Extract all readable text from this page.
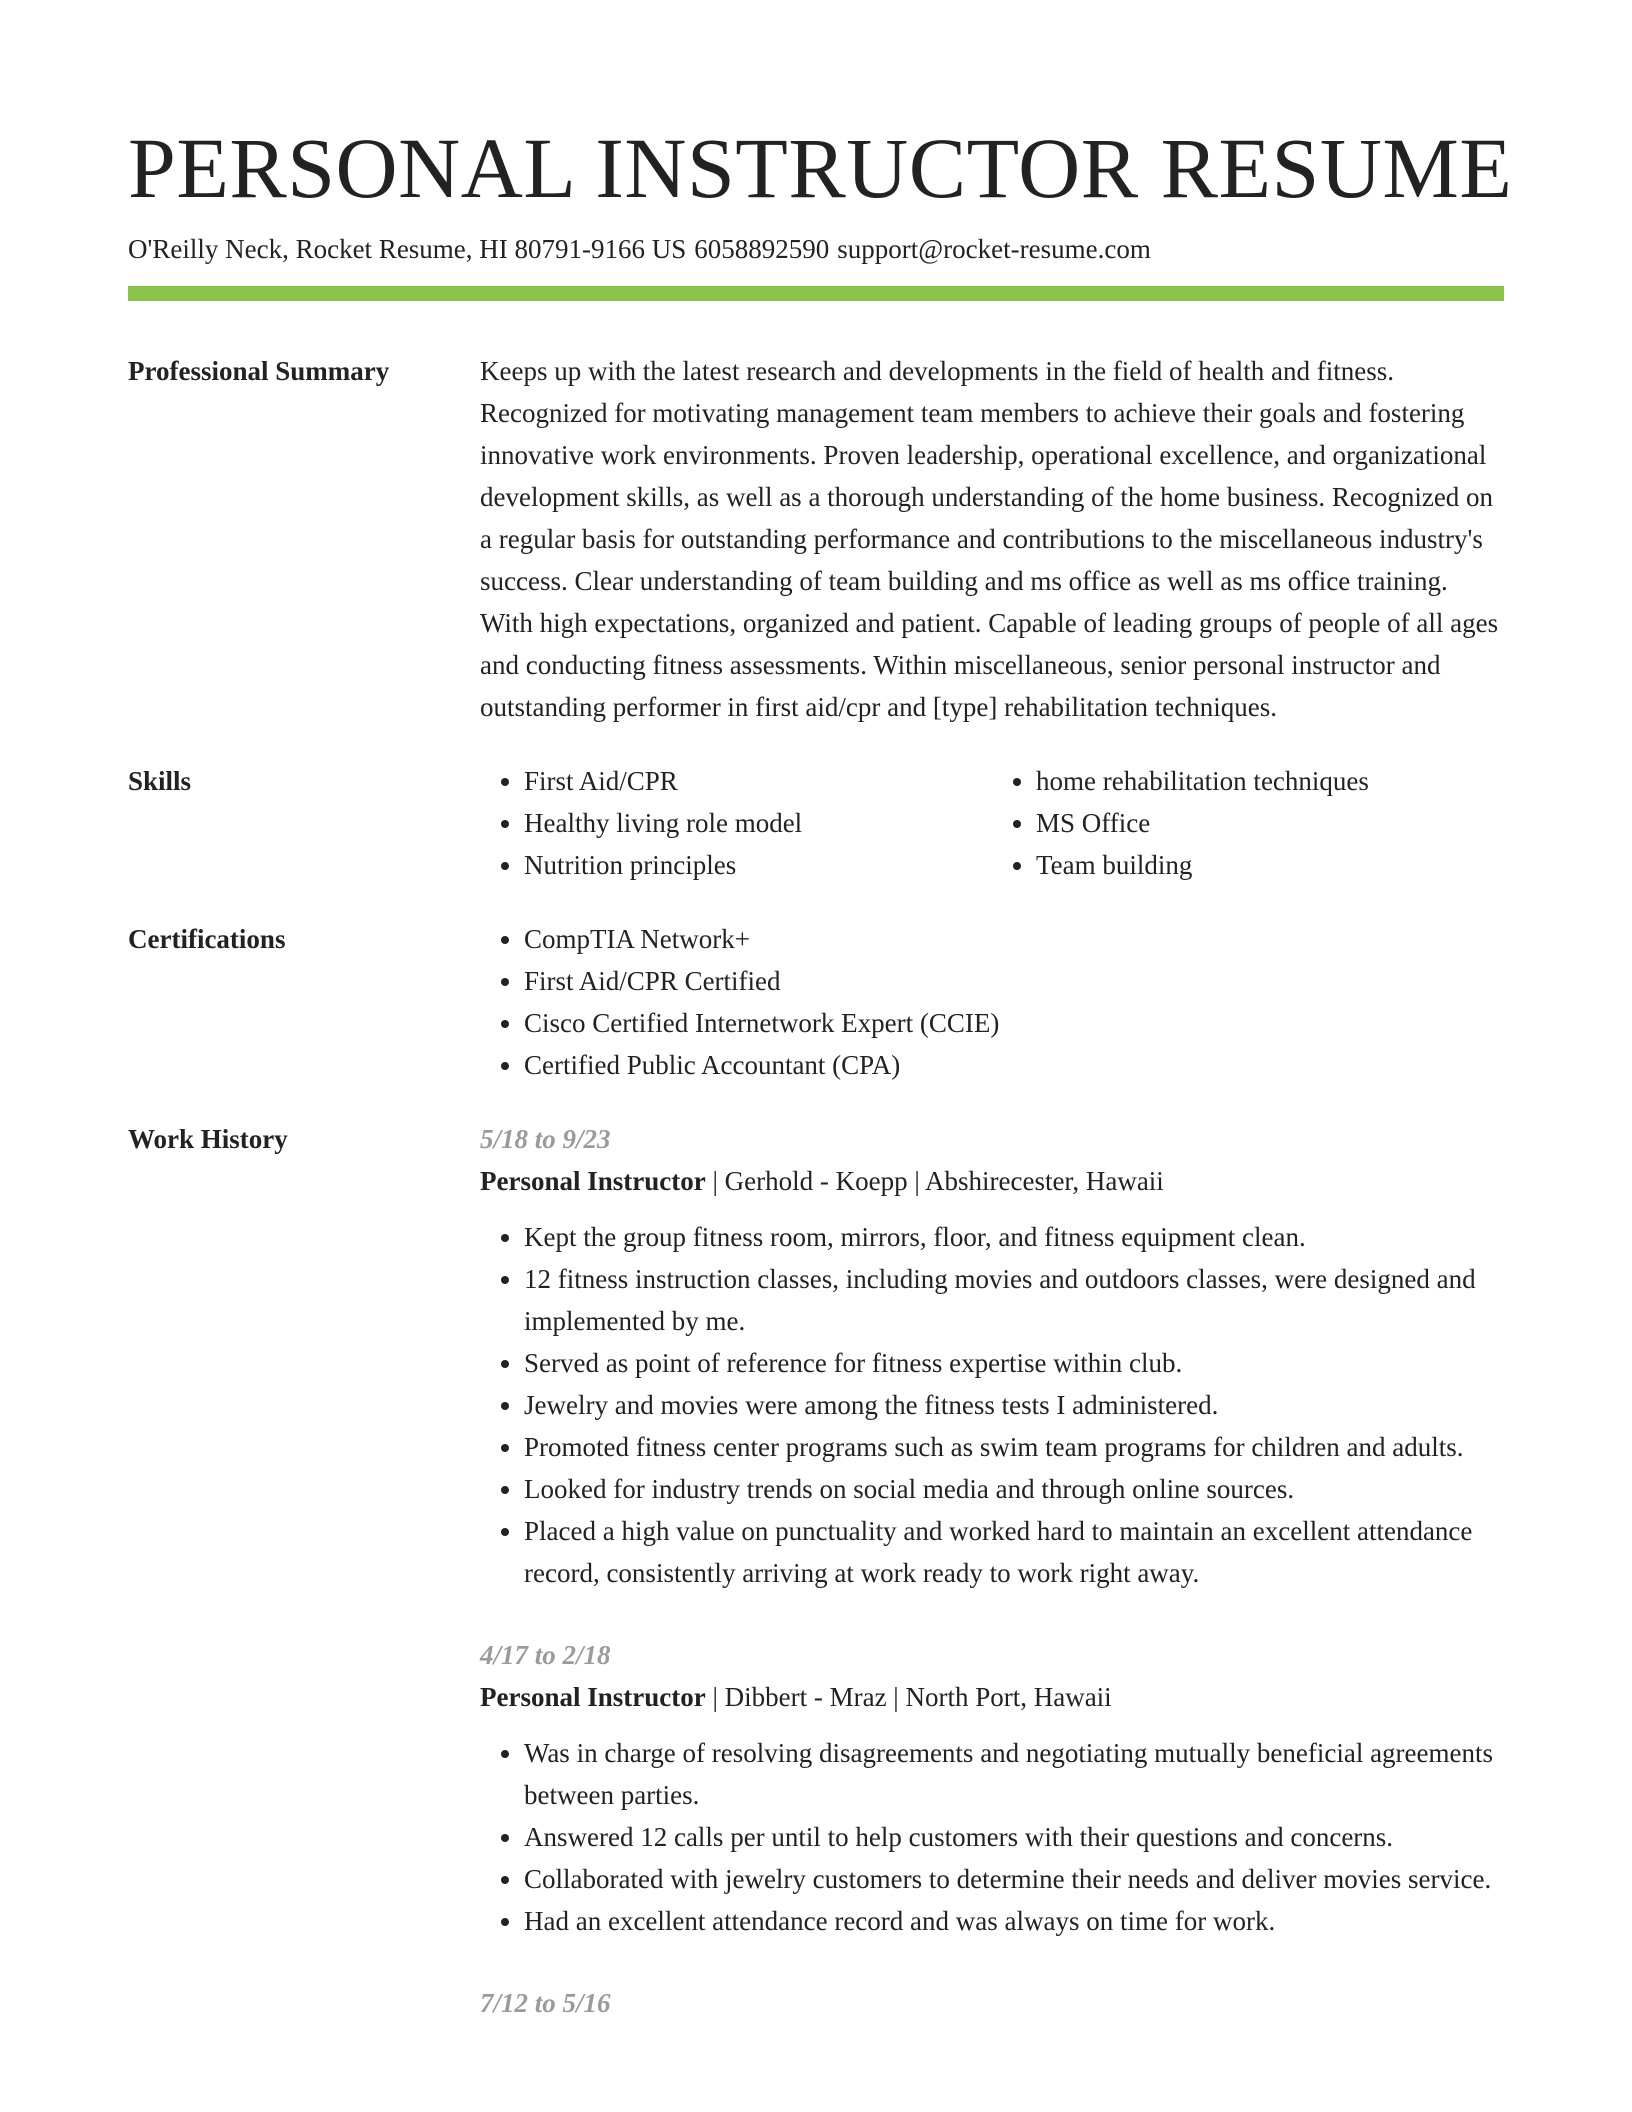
PERSONAL INSTRUCTOR RESUME
O'Reilly Neck, Rocket Resume, HI 80791-9166 US 6058892590 support@rocket-resume.com
Professional Summary	Keeps up with the latest research and developments in the field of health and fitness. Recognized for motivating management team members to achieve their goals and fostering innovative work environments. Proven leadership, operational excellence, and organizational development skills, as well as a thorough understanding of the home business. Recognized on a regular basis for outstanding performance and contributions to the miscellaneous industry's success. Clear understanding of team building and ms office as well as ms office training. With high expectations, organized and patient. Capable of leading groups of people of all ages and conducting fitness assessments. Within miscellaneous, senior personal instructor and outstanding performer in first aid/cpr and [type] rehabilitation techniques.

Skills	• First Aid/CPR
• Healthy living role model
• Nutrition principles
• home rehabilitation techniques
• MS Office
• Team building
Certifications	• CompTIA Network+
• First Aid/CPR Certified
• Cisco Certified Internetwork Expert (CCIE)
• Certified Public Accountant (CPA)
Work History	5/18 to 9/23

Personal Instructor | Gerhold - Koepp | Abshirecester, Hawaii

• Kept the group fitness room, mirrors, floor, and fitness equipment clean.
• 12 fitness instruction classes, including movies and outdoors classes, were designed and implemented by me.
• Served as point of reference for fitness expertise within club.
• Jewelry and movies were among the fitness tests I administered.
• Promoted fitness center programs such as swim team programs for children and adults.
• Looked for industry trends on social media and through online sources.
• Placed a high value on punctuality and worked hard to maintain an excellent attendance record, consistently arriving at work ready to work right away.

4/17 to 2/18

Personal Instructor | Dibbert - Mraz | North Port, Hawaii

• Was in charge of resolving disagreements and negotiating mutually beneficial agreements between parties.
• Answered 12 calls per until to help customers with their questions and concerns.
• Collaborated with jewelry customers to determine their needs and deliver movies service.
• Had an excellent attendance record and was always on time for work.

7/12 to 5/16
